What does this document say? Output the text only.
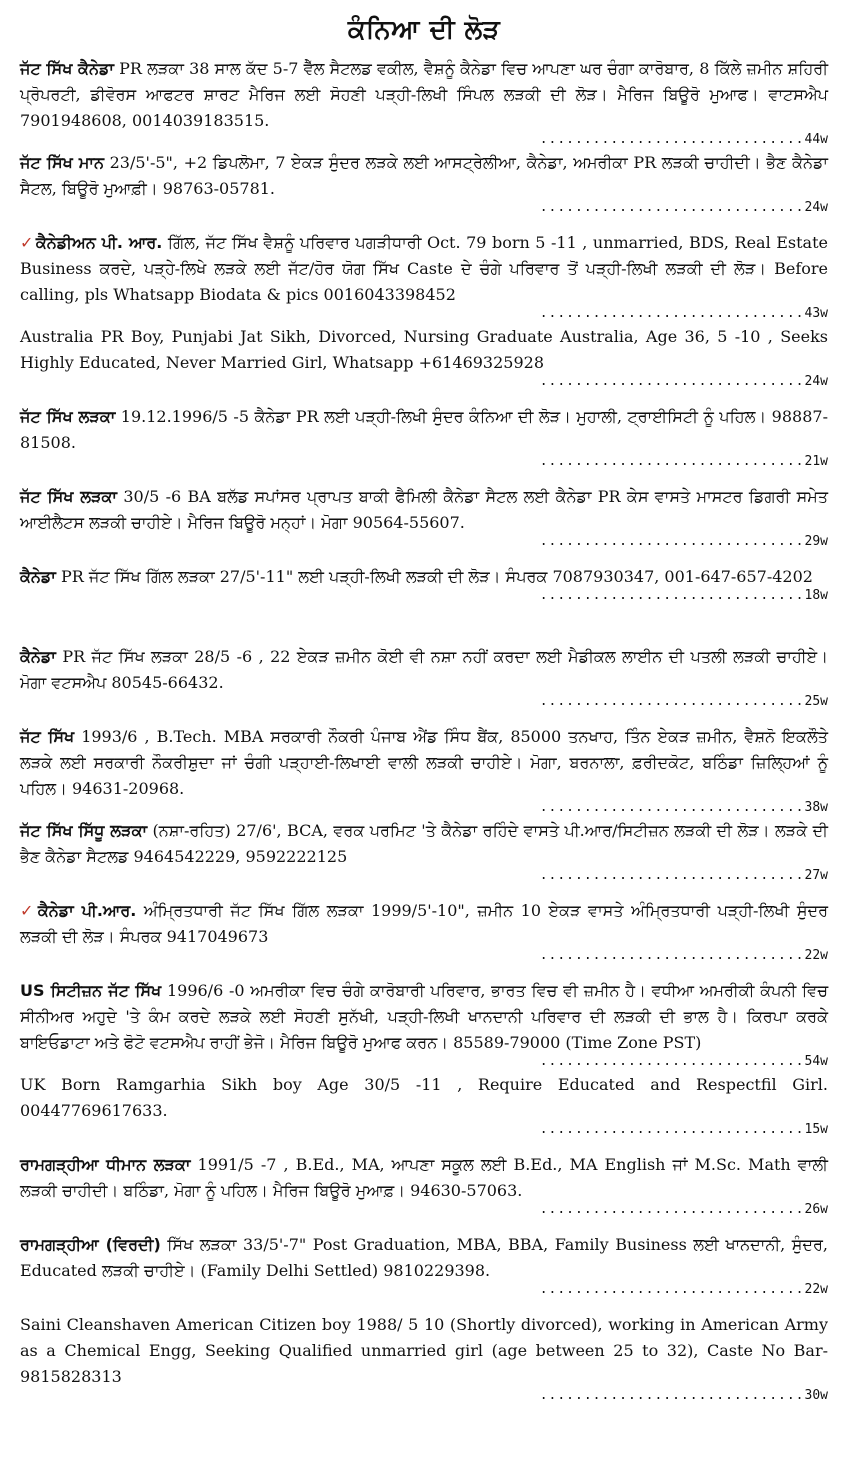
ਕੰਨਿਆ ਦੀ ਲੋੜ
ਜੱਟ ਸਿੱਖ ਕੈਨੇਡਾ PR ਲੜਕਾ 38 ਸਾਲ ਕੱਦ 5-7 ਵੈੱਲ ਸੈਟਲਡ ਵਕੀਲ, ਵੈਸ਼ਨੂੰ ਕੈਨੇਡਾ ਵਿਚ ਆਪਣਾ ਘਰ ਚੰਗਾ ਕਾਰੋਬਾਰ, 8 ਕਿੱਲੇ ਜ਼ਮੀਨ ਸ਼ਹਿਰੀ ਪ੍ਰੋਪਰਟੀ, ਡੀਵੋਰਸ ਆਫਟਰ ਸ਼ਾਰਟ ਮੈਰਿਜ ਲਈ ਸੋਹਣੀ ਪੜ੍ਹੀ-ਲਿਖੀ ਸਿੰਪਲ ਲੜਕੀ ਦੀ ਲੋੜ। ਮੈਰਿਜ ਬਿਊਰੋ ਮੁਆਫ। ਵਾਟਸਐਪ 7901948608, 0014039183515.
..............................44w
ਜੱਟ ਸਿੱਖ ਮਾਨ 23/5'-5", +2 ਡਿਪਲੋਮਾ, 7 ਏਕੜ ਸੁੰਦਰ ਲੜਕੇ ਲਈ ਆਸਟ੍ਰੇਲੀਆ, ਕੈਨੇਡਾ, ਅਮਰੀਕਾ PR ਲੜਕੀ ਚਾਹੀਦੀ। ਭੈਣ ਕੈਨੇਡਾ ਸੈਟਲ, ਬਿਊਰੋ ਮੁਆਫ਼ੀ। 98763-05781.
..............................24w
✓ ਕੈਨੇਡੀਅਨ ਪੀ. ਆਰ. ਗਿੱਲ, ਜੱਟ ਸਿੱਖ ਵੈਸ਼ਨੂੰ ਪਰਿਵਾਰ ਪਗੜੀਧਾਰੀ Oct. 79 born 5 -11 , unmarried, BDS, Real Estate Business ਕਰਦੇ, ਪੜ੍ਹੇ-ਲਿਖੇ ਲੜਕੇ ਲਈ ਜੱਟ/ਹੋਰ ਯੋਗ ਸਿੱਖ Caste ਦੇ ਚੰਗੇ ਪਰਿਵਾਰ ਤੋਂ ਪੜ੍ਹੀ-ਲਿਖੀ ਲੜਕੀ ਦੀ ਲੋੜ। Before calling, pls Whatsapp Biodata & pics 0016043398452
..............................43w
Australia PR Boy, Punjabi Jat Sikh, Divorced, Nursing Graduate Australia, Age 36, 5 -10 , Seeks Highly Educated, Never Married Girl, Whatsapp +61469325928
..............................24w
ਜੱਟ ਸਿੱਖ ਲੜਕਾ 19.12.1996/5 -5 ਕੈਨੇਡਾ PR ਲਈ ਪੜ੍ਹੀ-ਲਿਖੀ ਸੁੰਦਰ ਕੰਨਿਆ ਦੀ ਲੋੜ। ਮੁਹਾਲੀ, ਟ੍ਰਾਈਸਿਟੀ ਨੂੰ ਪਹਿਲ। 98887-81508.
..............................21w
ਜੱਟ ਸਿੱਖ ਲੜਕਾ 30/5 -6 BA ਬਲੱਡ ਸਪਾਂਸਰ ਪ੍ਰਾਪਤ ਬਾਕੀ ਫੈਮਿਲੀ ਕੈਨੇਡਾ ਸੈਟਲ ਲਈ ਕੈਨੇਡਾ PR ਕੇਸ ਵਾਸਤੇ ਮਾਸਟਰ ਡਿਗਰੀ ਸਮੇਤ ਆਈਲੈਟਸ ਲੜਕੀ ਚਾਹੀਏ। ਮੈਰਿਜ ਬਿਊਰੋ ਮਨ੍ਹਾਂ। ਮੋਗਾ 90564-55607.
..............................29w
ਕੈਨੇਡਾ PR ਜੱਟ ਸਿੱਖ ਗਿੱਲ ਲੜਕਾ 27/5'-11" ਲਈ ਪੜ੍ਹੀ-ਲਿਖੀ ਲੜਕੀ ਦੀ ਲੋੜ। ਸੰਪਰਕ 7087930347, 001-647-657-4202
..............................18w
ਕੈਨੇਡਾ PR ਜੱਟ ਸਿੱਖ ਲੜਕਾ 28/5 -6 , 22 ਏਕੜ ਜ਼ਮੀਨ ਕੋਈ ਵੀ ਨਸ਼ਾ ਨਹੀਂ ਕਰਦਾ ਲਈ ਮੈਡੀਕਲ ਲਾਈਨ ਦੀ ਪਤਲੀ ਲੜਕੀ ਚਾਹੀਏ। ਮੋਗਾ ਵਟਸਐਪ 80545-66432.
..............................25w
ਜੱਟ ਸਿੱਖ 1993/6 , B.Tech. MBA ਸਰਕਾਰੀ ਨੌਕਰੀ ਪੰਜਾਬ ਐਂਡ ਸਿੰਧ ਬੈਂਕ, 85000 ਤਨਖਾਹ, ਤਿੰਨ ਏਕੜ ਜ਼ਮੀਨ, ਵੈਸ਼ਨੋ ਇਕਲੌਤੇ ਲੜਕੇ ਲਈ ਸਰਕਾਰੀ ਨੌਕਰੀਸ਼ੁਦਾ ਜਾਂ ਚੰਗੀ ਪੜ੍ਹਾਈ-ਲਿਖਾਈ ਵਾਲੀ ਲੜਕੀ ਚਾਹੀਏ। ਮੋਗਾ, ਬਰਨਾਲਾ, ਫ਼ਰੀਦਕੋਟ, ਬਠਿੰਡਾ ਜ਼ਿਲ੍ਹਿਆਂ ਨੂੰ ਪਹਿਲ। 94631-20968.
..............................38w
ਜੱਟ ਸਿੱਖ ਸਿੱਧੂ ਲੜਕਾ (ਨਸ਼ਾ-ਰਹਿਤ) 27/6', BCA, ਵਰਕ ਪਰਮਿਟ 'ਤੇ ਕੈਨੇਡਾ ਰਹਿੰਦੇ ਵਾਸਤੇ ਪੀ.ਆਰ/ਸਿਟੀਜ਼ਨ ਲੜਕੀ ਦੀ ਲੋੜ। ਲੜਕੇ ਦੀ ਭੈਣ ਕੈਨੇਡਾ ਸੈਟਲਡ 9464542229, 9592222125
..............................27w
✓ ਕੈਨੇਡਾ ਪੀ.ਆਰ. ਅੰਮ੍ਰਿਤਧਾਰੀ ਜੱਟ ਸਿੱਖ ਗਿੱਲ ਲੜਕਾ 1999/5'-10", ਜ਼ਮੀਨ 10 ਏਕੜ ਵਾਸਤੇ ਅੰਮ੍ਰਿਤਧਾਰੀ ਪੜ੍ਹੀ-ਲਿਖੀ ਸੁੰਦਰ ਲੜਕੀ ਦੀ ਲੋੜ। ਸੰਪਰਕ 9417049673
..............................22w
US ਸਿਟੀਜ਼ਨ ਜੱਟ ਸਿੱਖ 1996/6 -0 ਅਮਰੀਕਾ ਵਿਚ ਚੰਗੇ ਕਾਰੋਬਾਰੀ ਪਰਿਵਾਰ, ਭਾਰਤ ਵਿਚ ਵੀ ਜ਼ਮੀਨ ਹੈ। ਵਧੀਆ ਅਮਰੀਕੀ ਕੰਪਨੀ ਵਿਚ ਸੀਨੀਅਰ ਅਹੁਦੇ 'ਤੇ ਕੰਮ ਕਰਦੇ ਲੜਕੇ ਲਈ ਸੋਹਣੀ ਸੁਨੱਖੀ, ਪੜ੍ਹੀ-ਲਿਖੀ ਖਾਨਦਾਨੀ ਪਰਿਵਾਰ ਦੀ ਲੜਕੀ ਦੀ ਭਾਲ ਹੈ। ਕਿਰਪਾ ਕਰਕੇ ਬਾਇਓਡਾਟਾ ਅਤੇ ਫੋਟੋ ਵਟਸਐਪ ਰਾਹੀਂ ਭੇਜੋ। ਮੈਰਿਜ ਬਿਊਰੋ ਮੁਆਫ ਕਰਨ। 85589-79000 (Time Zone PST)
..............................54w
UK Born Ramgarhia Sikh boy Age 30/5 -11 , Require Educated and Respectfil Girl. 00447769617633.
..............................15w
ਰਾਮਗੜ੍ਹੀਆ ਧੀਮਾਨ ਲੜਕਾ 1991/5 -7 , B.Ed., MA, ਆਪਣਾ ਸਕੂਲ ਲਈ B.Ed., MA English ਜਾਂ M.Sc. Math ਵਾਲੀ ਲੜਕੀ ਚਾਹੀਦੀ। ਬਠਿੰਡਾ, ਮੋਗਾ ਨੂੰ ਪਹਿਲ। ਮੈਰਿਜ ਬਿਊਰੋ ਮੁਆਫ਼। 94630-57063.
..............................26w
ਰਾਮਗੜ੍ਹੀਆ (ਵਿਰਦੀ) ਸਿੱਖ ਲੜਕਾ 33/5'-7" Post Graduation, MBA, BBA, Family Business ਲਈ ਖਾਨਦਾਨੀ, ਸੁੰਦਰ, Educated ਲੜਕੀ ਚਾਹੀਏ। (Family Delhi Settled) 9810229398.
..............................22w
Saini Cleanshaven American Citizen boy 1988/ 5 10 (Shortly divorced), working in American Army as a Chemical Engg, Seeking Qualified unmarried girl (age between 25 to 32), Caste No Bar- 9815828313
..............................30w
